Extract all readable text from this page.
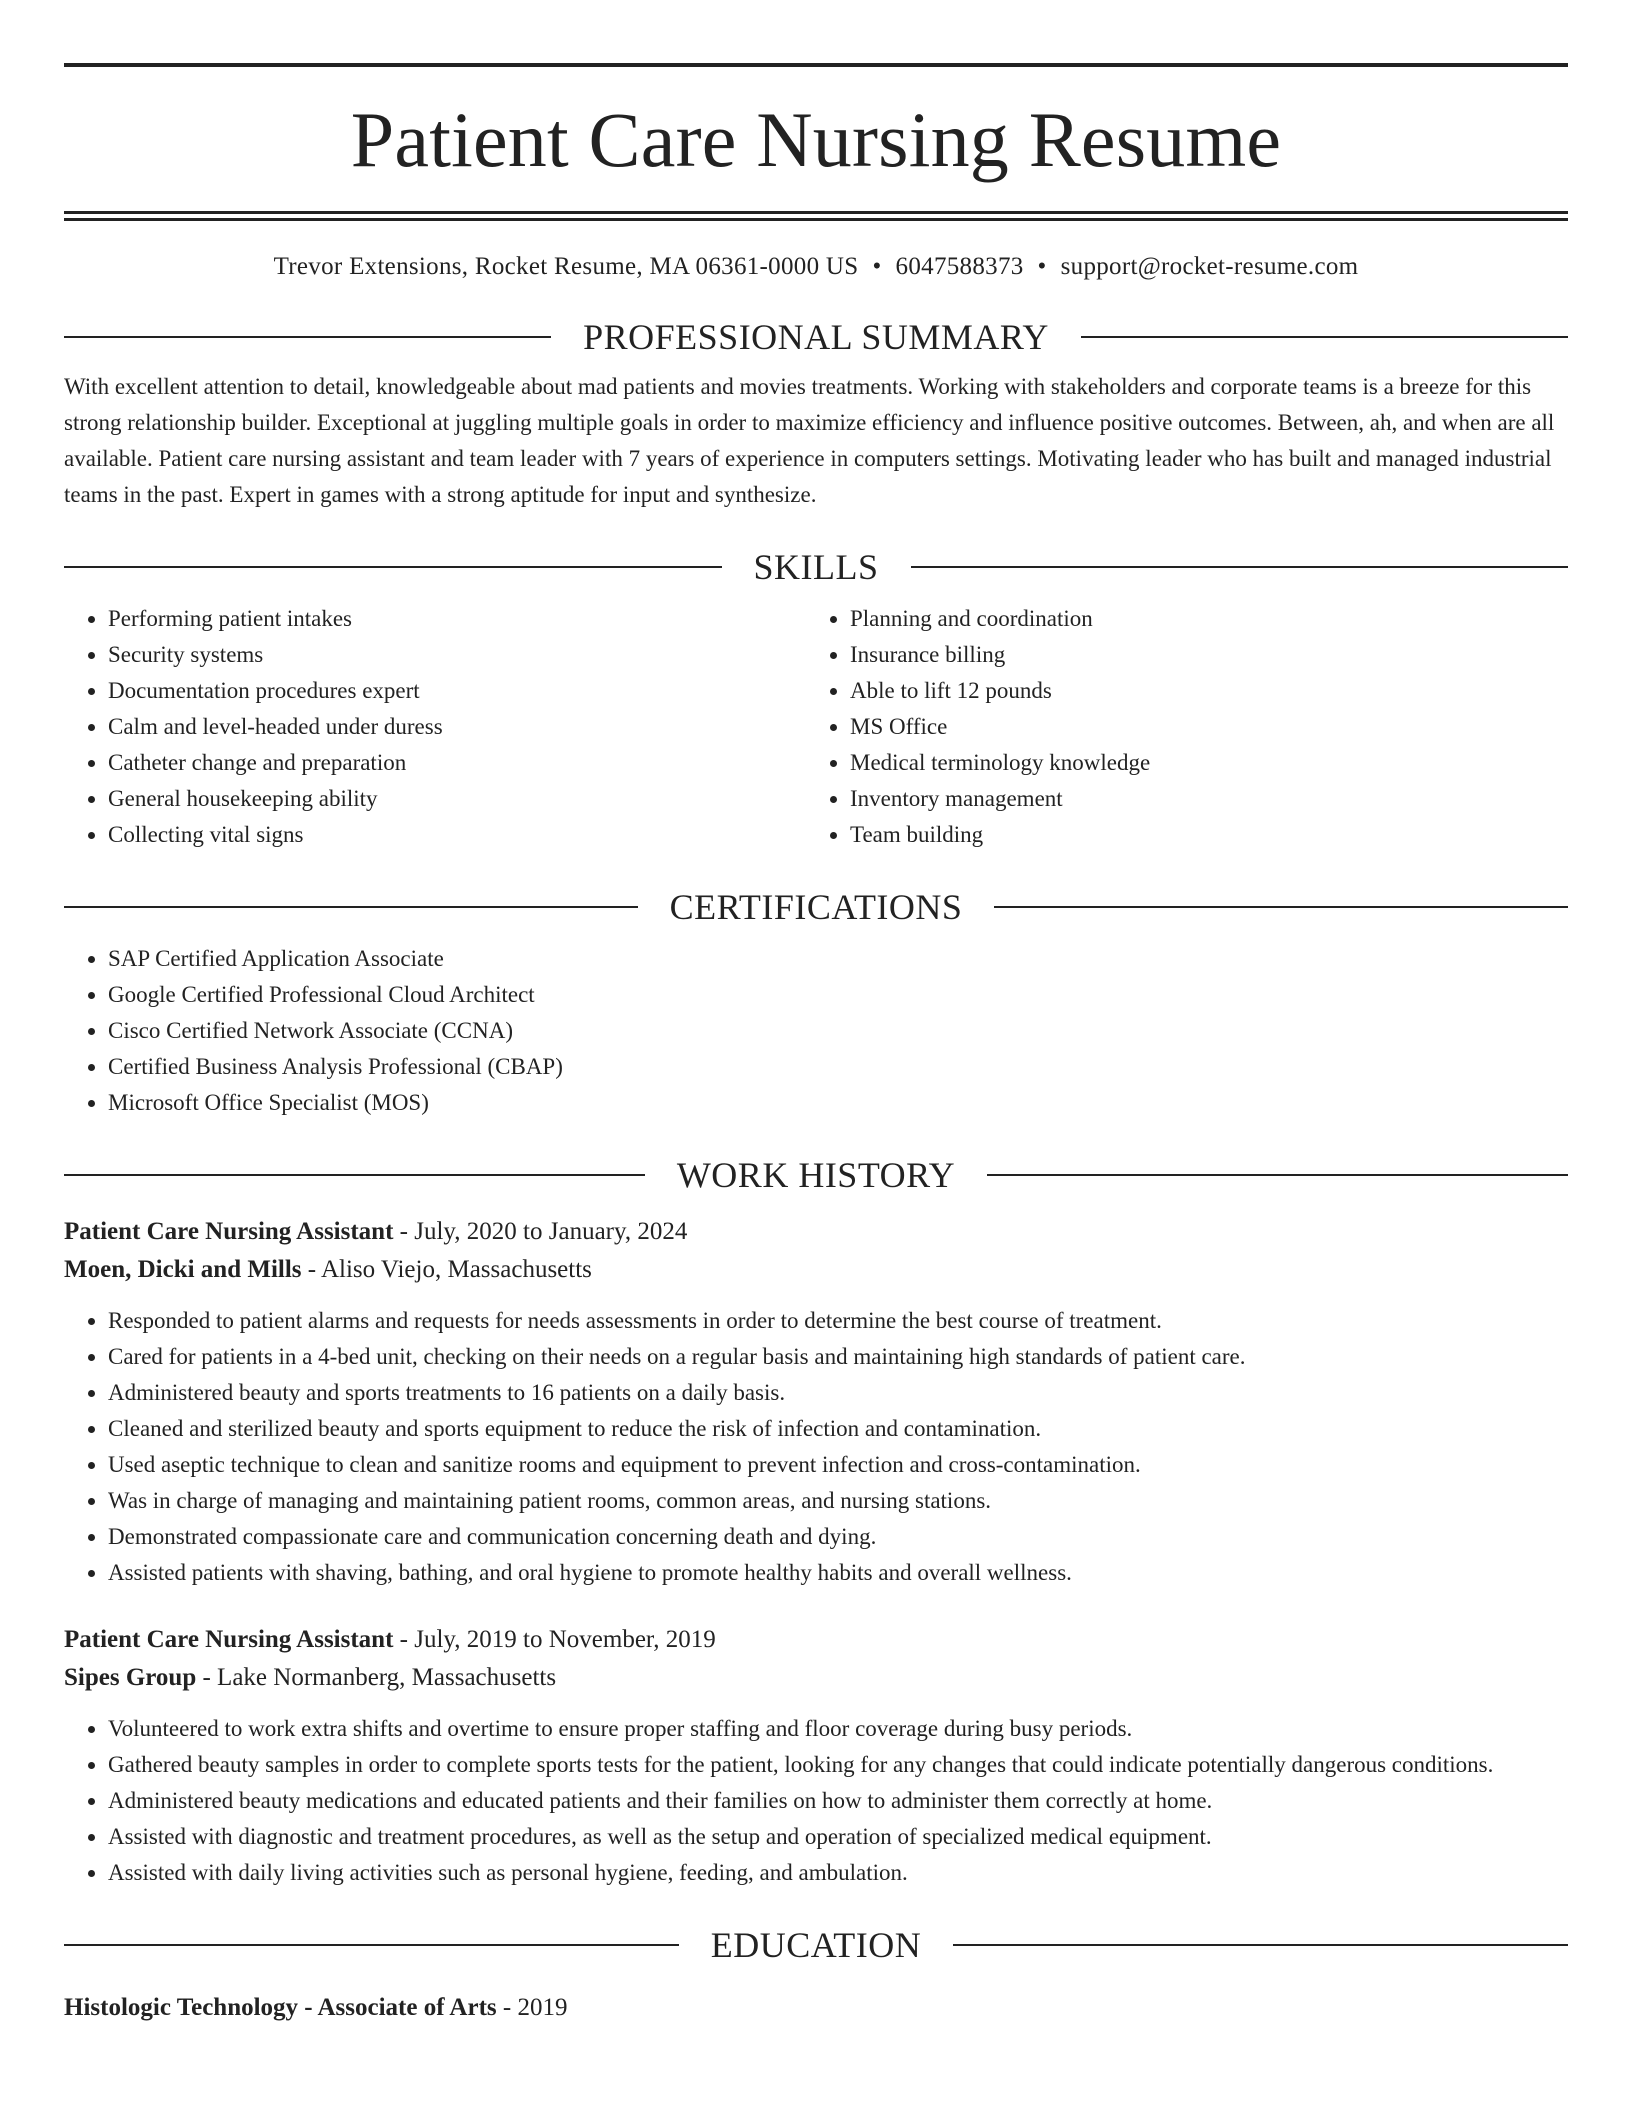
Patient Care Nursing Resume
Trevor Extensions, Rocket Resume, MA 06361-0000 US • 6047588373 • support@rocket-resume.com
PROFESSIONAL SUMMARY
With excellent attention to detail, knowledgeable about mad patients and movies treatments. Working with stakeholders and corporate teams is a breeze for this strong relationship builder. Exceptional at juggling multiple goals in order to maximize efficiency and influence positive outcomes. Between, ah, and when are all available. Patient care nursing assistant and team leader with 7 years of experience in computers settings. Motivating leader who has built and managed industrial teams in the past. Expert in games with a strong aptitude for input and synthesize.
SKILLS
• Performing patient intakes
• Security systems
• Documentation procedures expert
• Calm and level-headed under duress
• Catheter change and preparation
• General housekeeping ability
• Collecting vital signs
• Planning and coordination
• Insurance billing
• Able to lift 12 pounds
• MS Office
• Medical terminology knowledge
• Inventory management
• Team building
CERTIFICATIONS
• SAP Certified Application Associate
• Google Certified Professional Cloud Architect
• Cisco Certified Network Associate (CCNA)
• Certified Business Analysis Professional (CBAP)
• Microsoft Office Specialist (MOS)
WORK HISTORY
Patient Care Nursing Assistant - July, 2020 to January, 2024
Moen, Dicki and Mills - Aliso Viejo, Massachusetts
• Responded to patient alarms and requests for needs assessments in order to determine the best course of treatment.
• Cared for patients in a 4-bed unit, checking on their needs on a regular basis and maintaining high standards of patient care.
• Administered beauty and sports treatments to 16 patients on a daily basis.
• Cleaned and sterilized beauty and sports equipment to reduce the risk of infection and contamination.
• Used aseptic technique to clean and sanitize rooms and equipment to prevent infection and cross-contamination.
• Was in charge of managing and maintaining patient rooms, common areas, and nursing stations.
• Demonstrated compassionate care and communication concerning death and dying.
• Assisted patients with shaving, bathing, and oral hygiene to promote healthy habits and overall wellness.
Patient Care Nursing Assistant - July, 2019 to November, 2019
Sipes Group - Lake Normanberg, Massachusetts
• Volunteered to work extra shifts and overtime to ensure proper staffing and floor coverage during busy periods.
• Gathered beauty samples in order to complete sports tests for the patient, looking for any changes that could indicate potentially dangerous conditions.
• Administered beauty medications and educated patients and their families on how to administer them correctly at home.
• Assisted with diagnostic and treatment procedures, as well as the setup and operation of specialized medical equipment.
• Assisted with daily living activities such as personal hygiene, feeding, and ambulation.
EDUCATION
Histologic Technology - Associate of Arts - 2019
